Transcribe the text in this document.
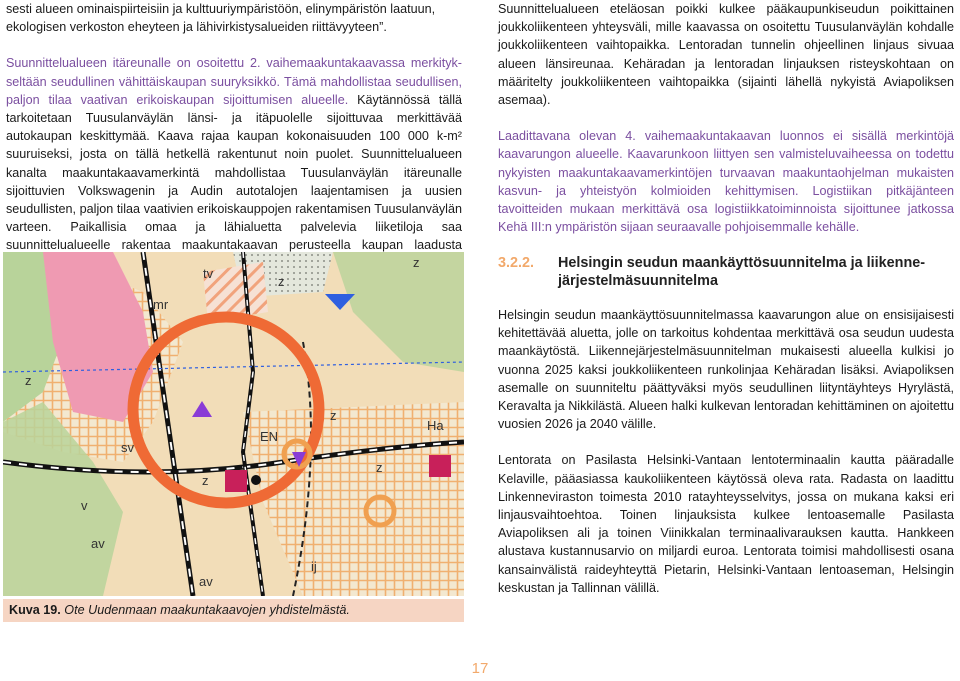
sesti alueen ominaispiirteisiin ja kulttuuriympäristöön, elinympäristön laatuun,
ekologisen verkoston eheyteen ja lähivirkistysalueiden riittävyyteen”.

Suunnittelualueen itäreunalle on osoitettu 2. vaihemaakuntakaavassa merkitykseltään seudullinen vähittäiskaupan suuryksikkö. Tämä mahdollistaa seudullisen, paljon tilaa vaativan erikoiskaupan sijoittumisen alueelle. Käytännössä tällä tarkoitetaan Tuusulanväylän länsi- ja itäpuolelle sijoittuvaa merkittävää autokaupan keskittymää. Kaava rajaa kaupan kokonaisuuden 100 000 k-m² suuruiseksi, josta on tällä hetkellä rakentunut noin puolet. Suunnittelualueen kanalta maakuntakaavamerkintä mahdollistaa Tuusulanväylän itäreunalle sijoittuvien Volkswagenin ja Audin autotalojen laajentamisen ja uusien seudullisten, paljon tilaa vaativien erikoiskauppojen rakentamisen Tuusulanväylän varteen. Paikallisia omaa ja lähialuetta palvelevia liiketiloja saa suunnittelualueelle rakentaa maakuntakaavan perusteella kaupan laadusta

Suunnittelualueen eteläosan poikki kulkee pääkaupunkiseudun poikittainen joukkoliikenteen yhteysväli, mille kaavassa on osoitettu Tuusulanväylän kohdalle joukkoliikenteen vaihtopaikka. Lentoradan tunnelin ohjeellinen linjaus sivuaa alueen länsireunaa. Kehäradan ja lentoradan linjauksen risteyskohtaan on määritelty joukkoliikenteen vaihtopaikka (sijainti lähellä nykyistä Aviapoliksen asemaa).

Laadittavana olevan 4. vaihemaakuntakaavan luonnos ei sisällä merkintöjä kaavarungon alueelle. Kaavarunkoon liittyen sen valmisteluvaiheessa on todettu nykyisten maakuntakaavamerkintöjen turvaavan maakuntaohjelman mukaisten kasvun- ja yhteistyön kolmioiden kehittymisen. Logistiikan pitkäjänteen tavoitteiden mukaan merkittävä osa logistiikkatoiminnoista sijoittunee jatkossa Kehä III:n ympäristön sijaan seuraavalle pohjoisemmalle kehälle.

3.2.2.	Helsingin seudun maankäyttösuunnitelma ja liikenne-
järjestelmäsuunnitelma

Helsingin seudun maankäyttösuunnitelmassa kaavarungon alue on ensisijaisesti kehitettävää aluetta, jolle on tarkoitus kohdentaa merkittävä osa seudun uudesta maankäytöstä. Liikennejärjestelmäsuunnitelman mukaisesti alueella kulkisi jo vuonna 2025 kaksi joukkoliikenteen runkolinjaa Kehäradan lisäksi. Aviapoliksen asemalle on suunniteltu päättyväksi myös seudullinen liityntäyhteys Hyrylästä, Keravalta ja Nikkilästä. Alueen halki kulkevan lentoradan kehittäminen on ajoitettu vuosien 2026 ja 2040 välille.

Lentorata on Pasilasta Helsinki-Vantaan lentoterminaalin kautta pääradalle Kelaville, pääasiassa kaukoliikenteen käytössä oleva rata. Radasta on laadittu Linkenneviraston toimesta 2010 ratayhteysselvitys, jossa on mukana kaksi eri linjausvaihtoehtoa. Toinen linjauksista kulkee lentoasemalle Pasilasta Aviapoliksen ali ja toinen Viinikkalan terminaalivarauksen kautta. Hankkeen alustava kustannusarvio on miljardi euroa. Lentorata toimisi mahdollisesti osana kansainvälistä raideyhteyttä Pietarin, Helsinki-Vantaan lentoaseman, Helsingin keskustan ja Tallinnan välillä.

tv
mr
EN
z
z
z
z
z
z
v
av
av
ij
sv
Ha
Kuva 19. Ote Uudenmaan maakuntakaavojen yhdistelmästä.
17
